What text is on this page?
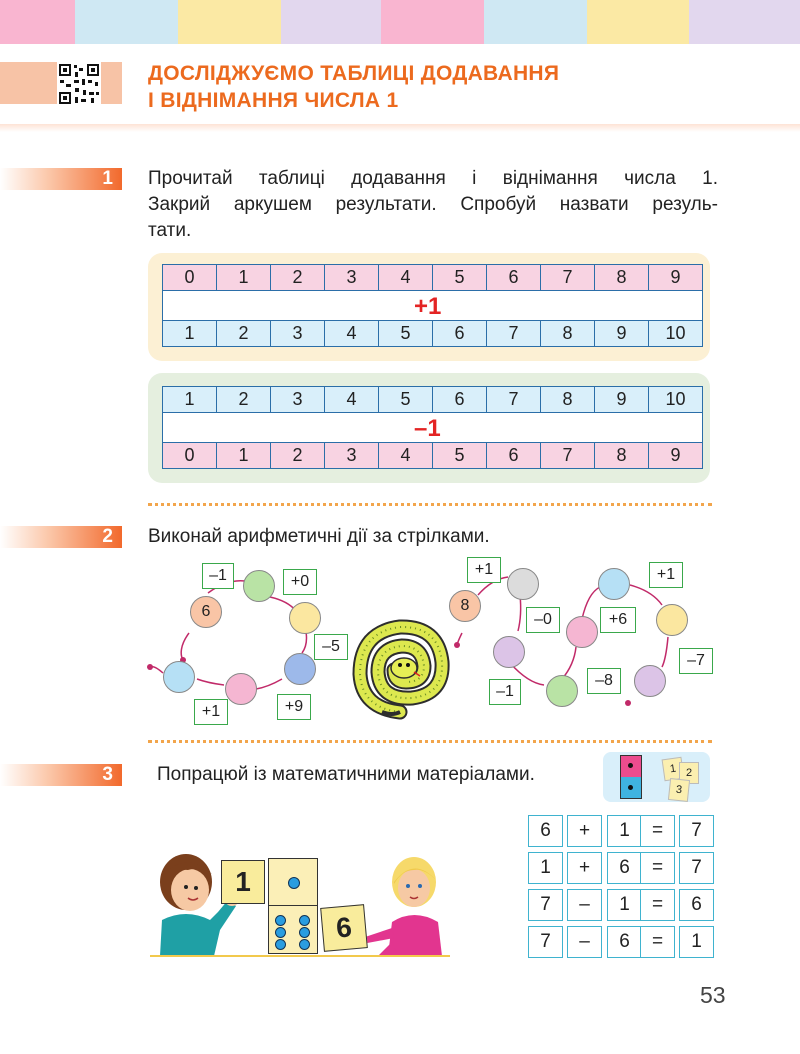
ДОСЛІДЖУЄМО ТАБЛИЦІ ДОДАВАННЯ
І ВІДНІМАННЯ ЧИСЛА 1
1	Прочитай таблиці додавання і віднімання числа 1.
Закрий аркушем результати. Спробуй назвати резуль-
тати.
0	1	2	3	4	5	6	7	8	9

1	2	3	4	5	6	7	8	9	10
+1
1	2	3	4	5	6	7	8	9	10

0	1	2	3	4	5	6	7	8	9
–1
2	Виконай арифметичні дії за стрілками.
6
–1	+0
–5
+9
+1
8
+1
–0
–1
–8
+6
+1
–7
3	Попрацюй із математичними матеріалами.	1 2
3
6	+	1	=	7
1	+	6	=	7
7	–	1	=	6
7	–	6	=	1
1
6
53
